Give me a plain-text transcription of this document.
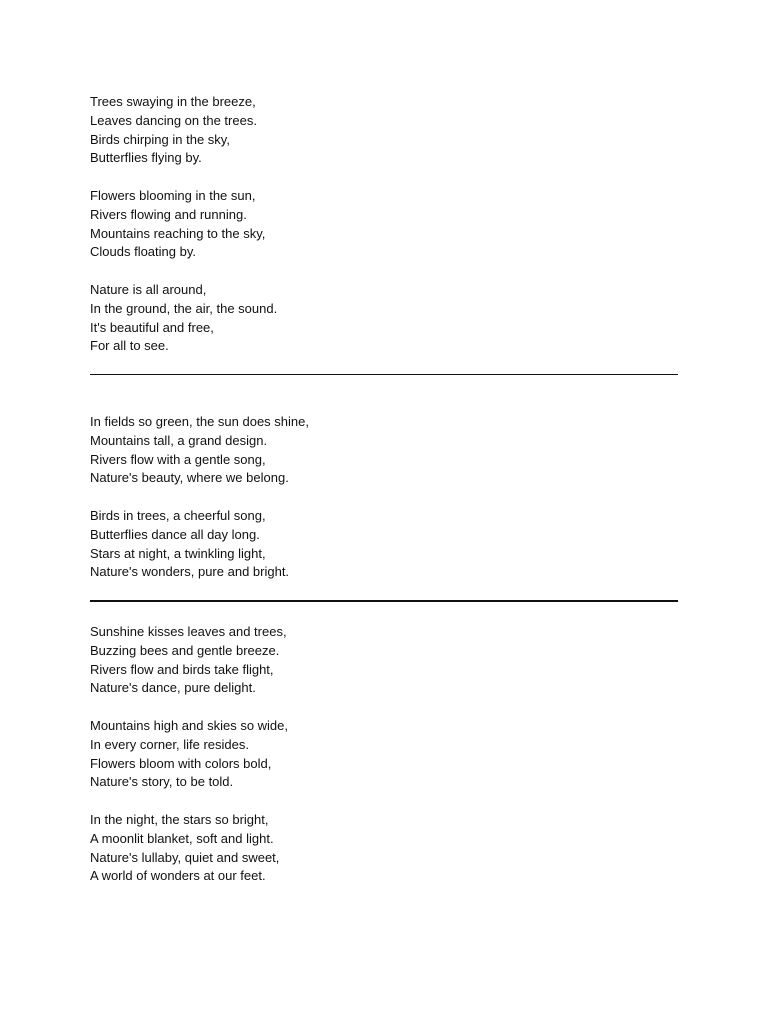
Trees swaying in the breeze,
Leaves dancing on the trees.
Birds chirping in the sky,
Butterflies flying by.
Flowers blooming in the sun,
Rivers flowing and running.
Mountains reaching to the sky,
Clouds floating by.
Nature is all around,
In the ground, the air, the sound.
It's beautiful and free,
For all to see.
In fields so green, the sun does shine,
Mountains tall, a grand design.
Rivers flow with a gentle song,
Nature's beauty, where we belong.
Birds in trees, a cheerful song,
Butterflies dance all day long.
Stars at night, a twinkling light,
Nature's wonders, pure and bright.
Sunshine kisses leaves and trees,
Buzzing bees and gentle breeze.
Rivers flow and birds take flight,
Nature's dance, pure delight.
Mountains high and skies so wide,
In every corner, life resides.
Flowers bloom with colors bold,
Nature's story, to be told.
In the night, the stars so bright,
A moonlit blanket, soft and light.
Nature's lullaby, quiet and sweet,
A world of wonders at our feet.
